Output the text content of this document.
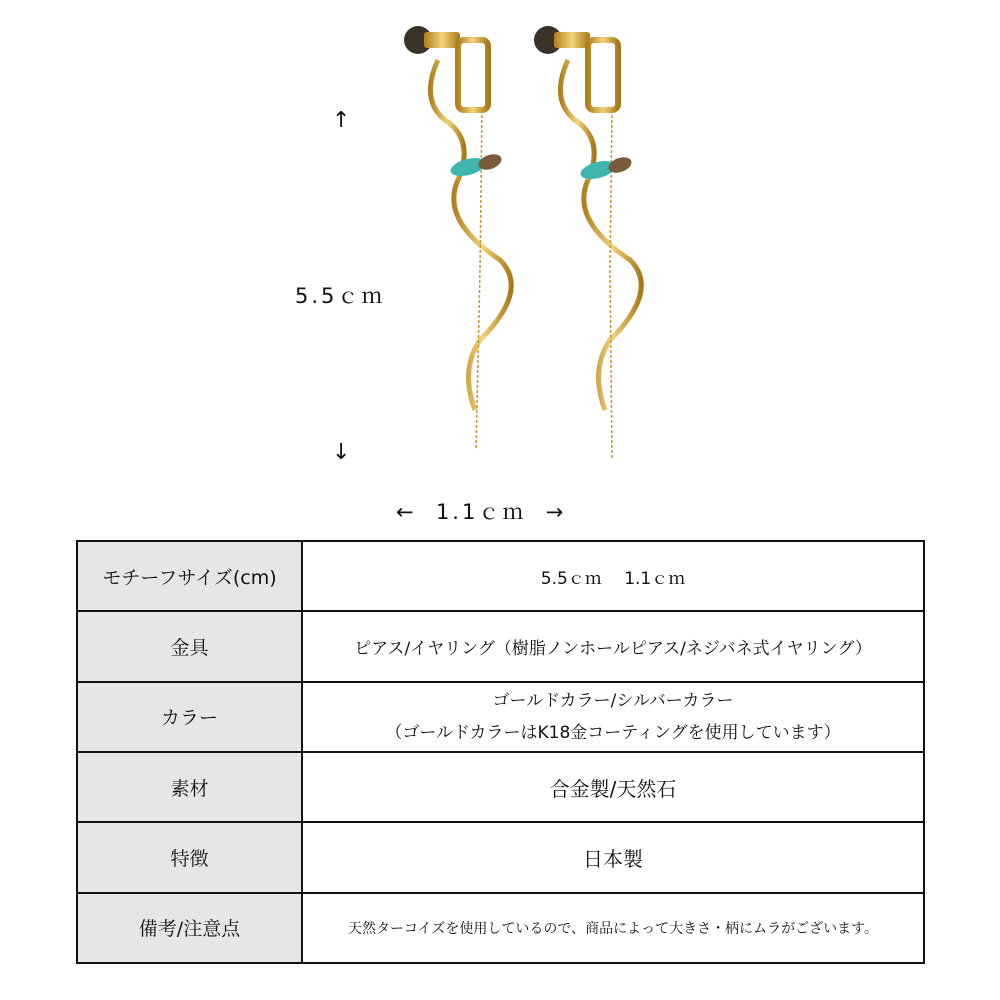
↑
5.5ｃｍ
↓
←  1.1ｃｍ  →
モチーフサイズ(cm)	5.5ｃｍ　 1.1ｃｍ
金具	ピアス/イヤリング（樹脂ノンホールピアス/ネジバネ式イヤリング）
カラー	ゴールドカラー/シルバーカラー
（ゴールドカラーはK18金コーティングを使用しています）

素材	合金製/天然石
特徴	日本製
備考/注意点	天然ターコイズを使用しているので、商品によって大きさ・柄にムラがございます。
